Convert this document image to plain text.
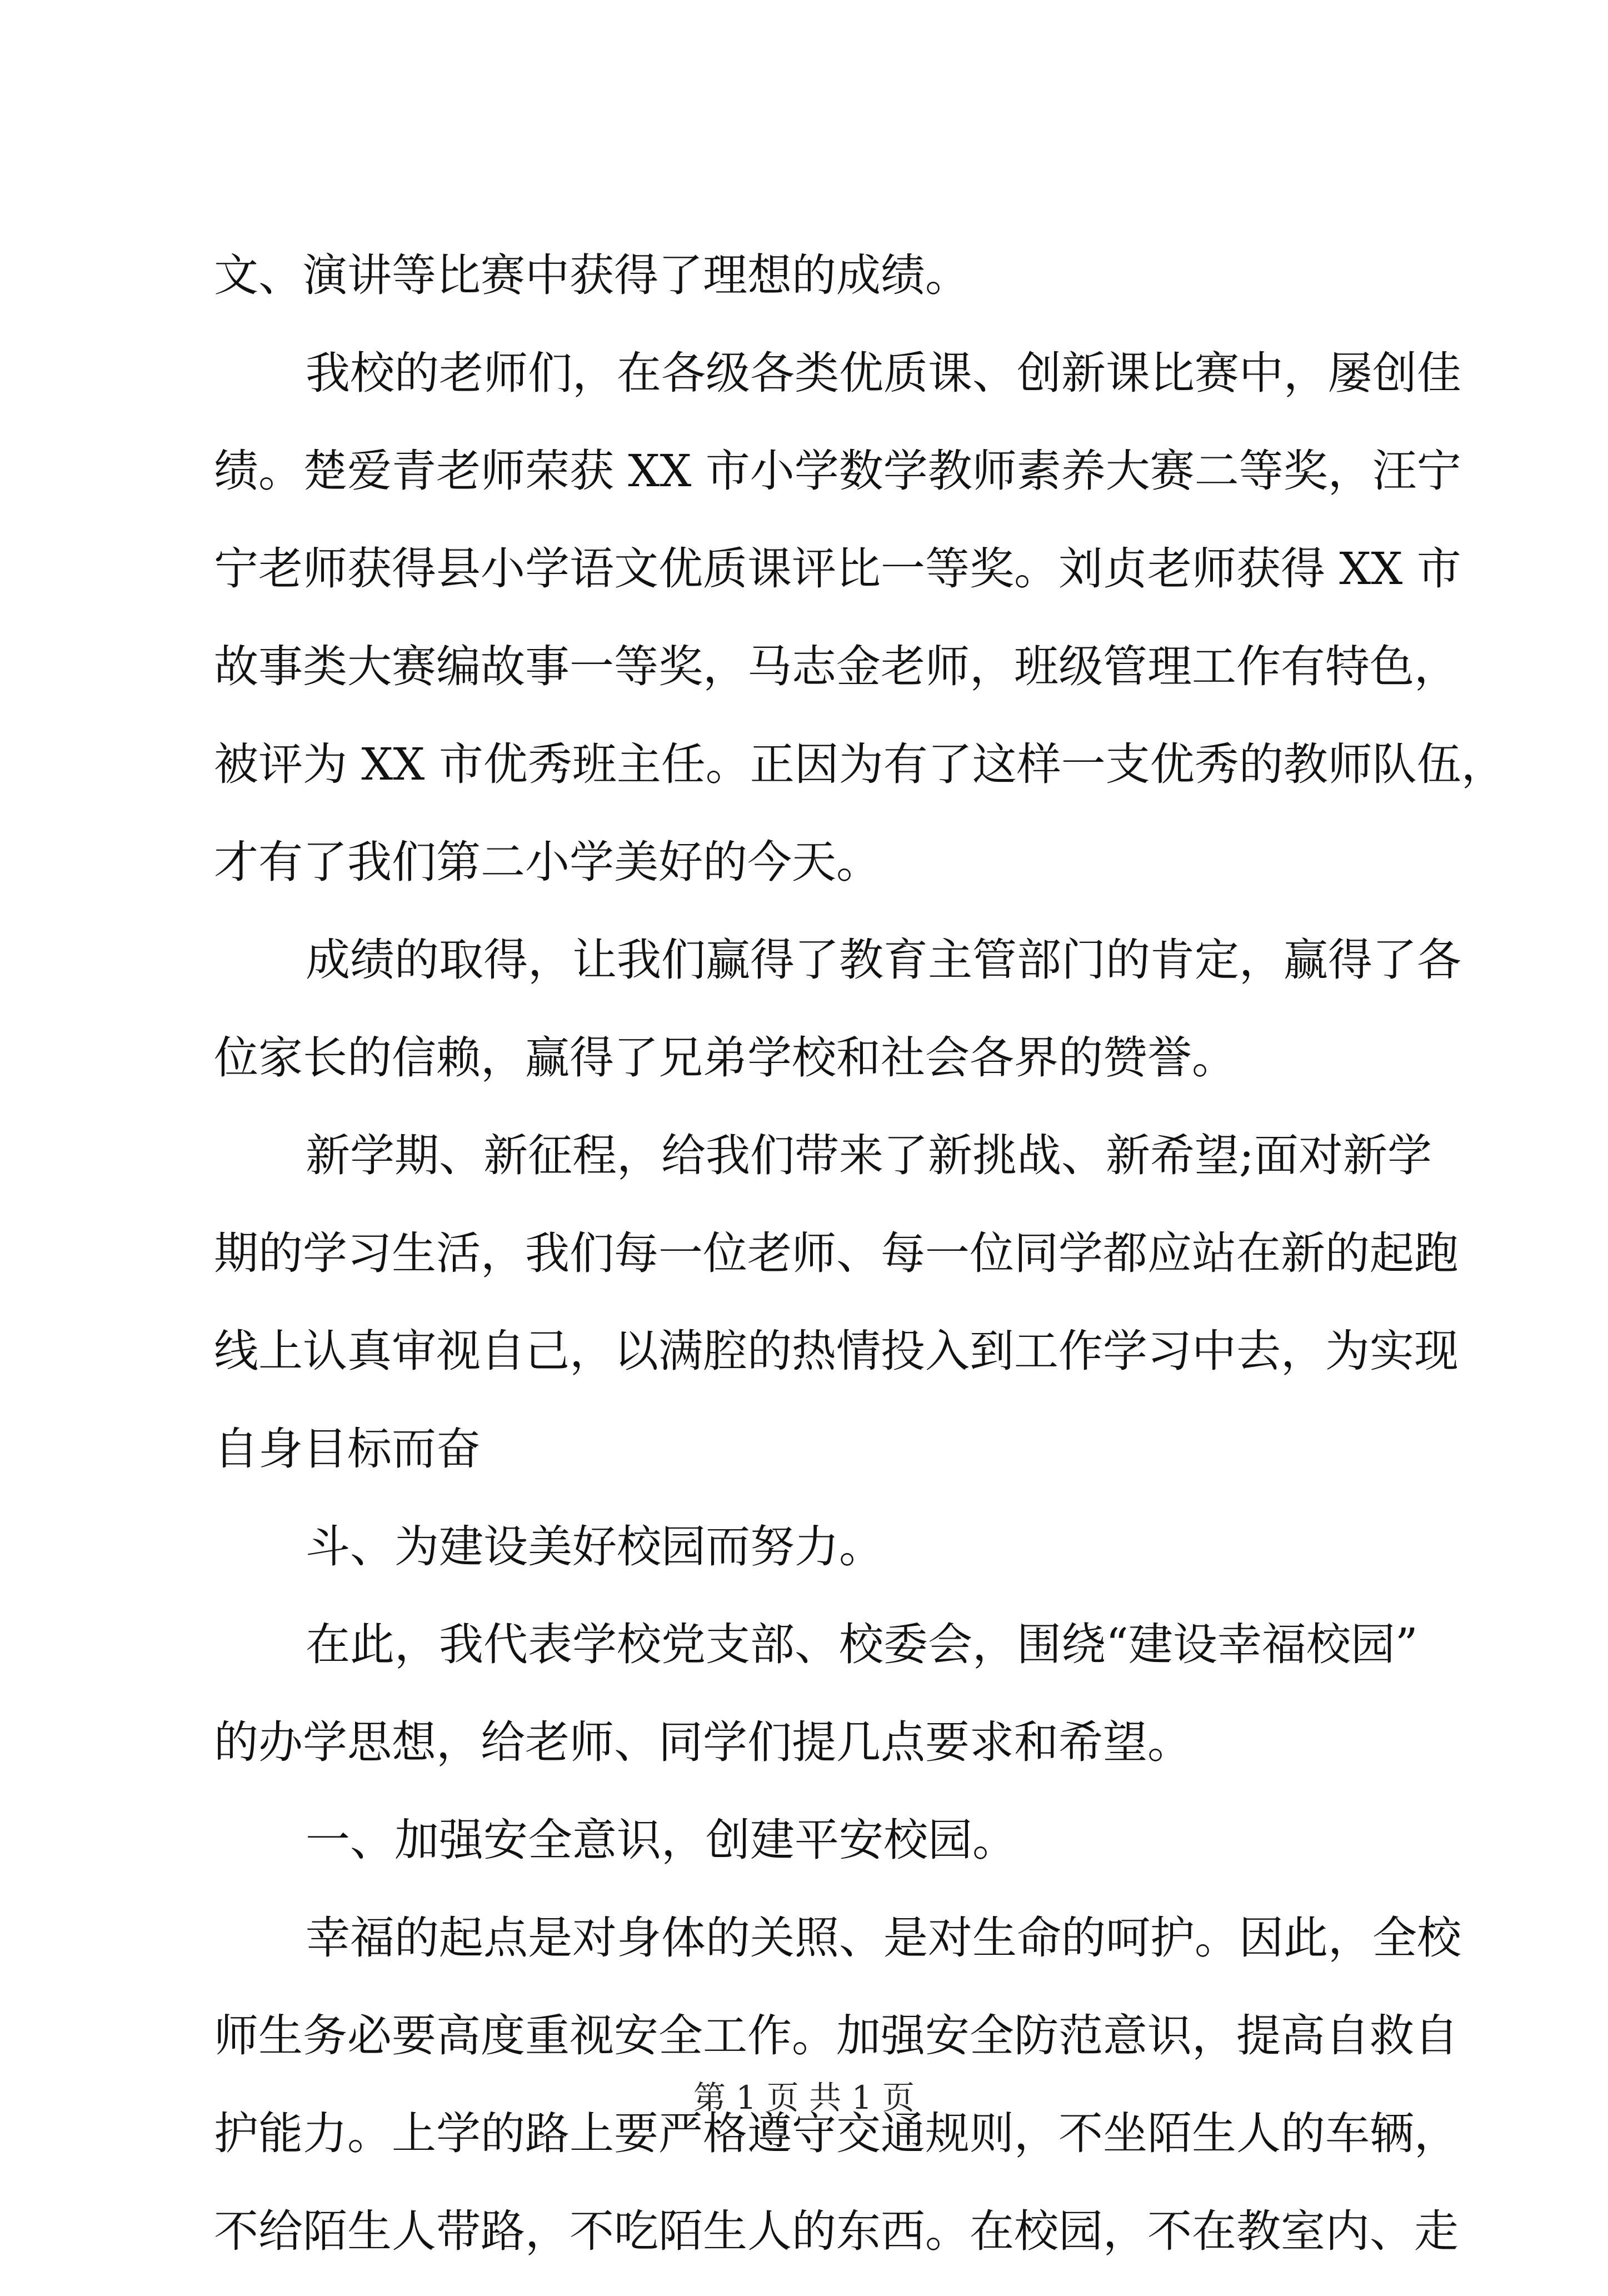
文、演讲等比赛中获得了理想的成绩。
我校的老师们，在各级各类优质课、创新课比赛中，屡创佳
绩。楚爱青老师荣获 XX 市小学数学教师素养大赛二等奖，汪宁
宁老师获得县小学语文优质课评比一等奖。刘贞老师获得 XX 市
故事类大赛编故事一等奖，马志金老师，班级管理工作有特色，
被评为 XX 市优秀班主任。正因为有了这样一支优秀的教师队伍，
才有了我们第二小学美好的今天。
成绩的取得，让我们赢得了教育主管部门的肯定，赢得了各
位家长的信赖，赢得了兄弟学校和社会各界的赞誉。
新学期、新征程，给我们带来了新挑战、新希望;面对新学
期的学习生活，我们每一位老师、每一位同学都应站在新的起跑
线上认真审视自己，以满腔的热情投入到工作学习中去，为实现
自身目标而奋
斗、为建设美好校园而努力。
在此，我代表学校党支部、校委会，围绕“建设幸福校园”
的办学思想，给老师、同学们提几点要求和希望。
一、加强安全意识，创建平安校园。
幸福的起点是对身体的关照、是对生命的呵护。因此，全校
师生务必要高度重视安全工作。加强安全防范意识，提高自救自
护能力。上学的路上要严格遵守交通规则，不坐陌生人的车辆，
不给陌生人带路，不吃陌生人的东西。在校园，不在教室内、走
第 1 页 共 1 页
